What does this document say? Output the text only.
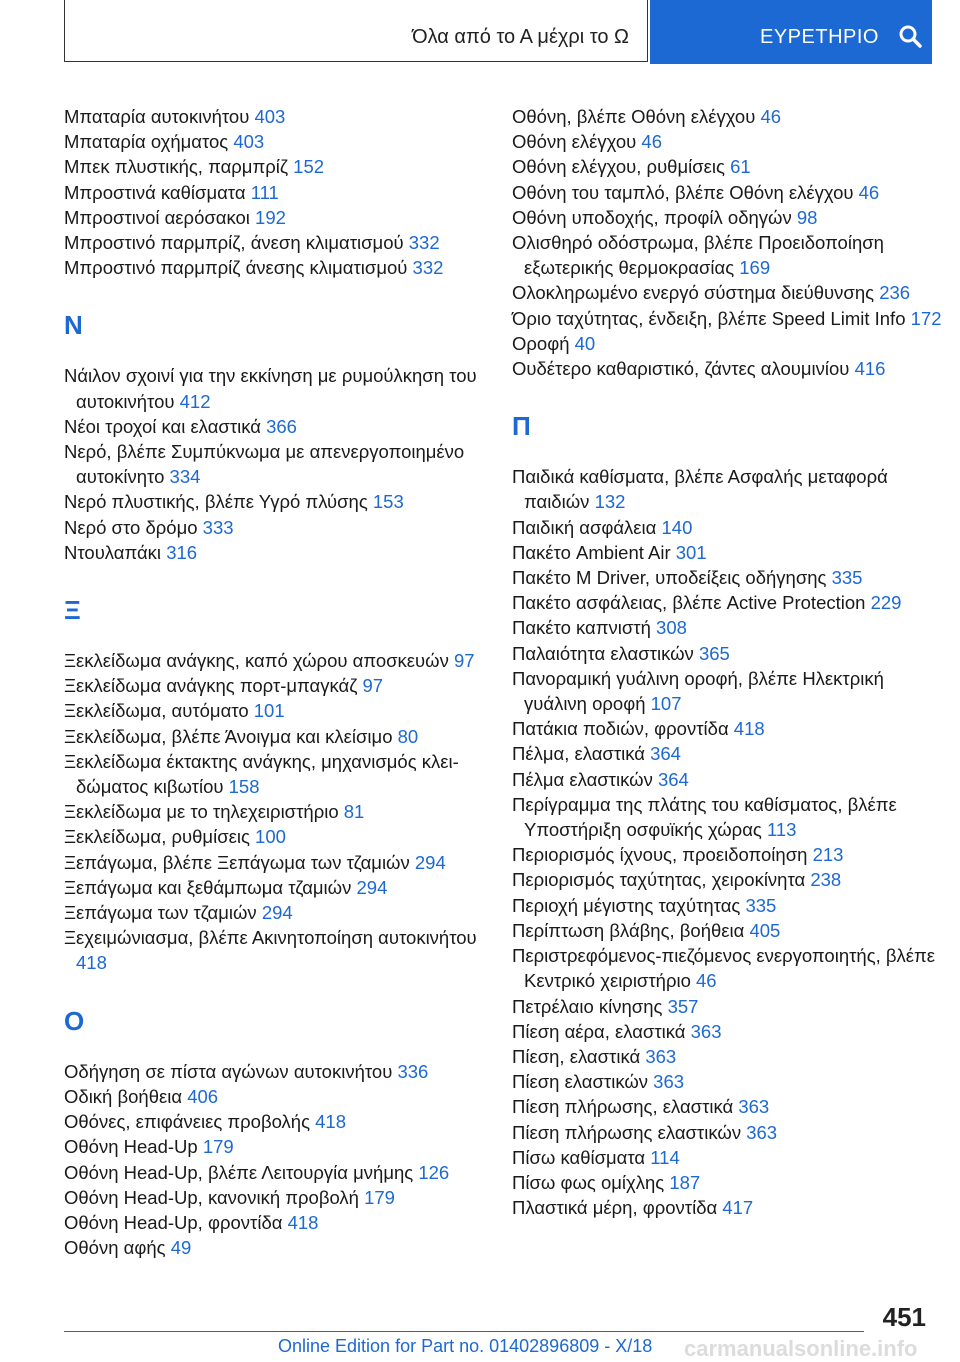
Όλα από το Α μέχρι το Ω	ΕΥΡΕΤΗΡΙΟ
Μπαταρία αυτοκινήτου 403
Μπαταρία οχήματος 403
Μπεκ πλυστικής, παρμπρίζ 152
Μπροστινά καθίσματα 111
Μπροστινοί αερόσακοι 192
Μπροστινό παρμπρίζ, άνεση κλιματισμού 332
Μπροστινό παρμπρίζ άνεσης κλιματισμού 332
Ν
Νάιλον σχοινί για την εκκίνηση με ρυμούλκηση του αυτοκινήτου 412
Νέοι τροχοί και ελαστικά 366
Νερό, βλέπε Συμπύκνωμα με απενεργοποιημένο αυτοκίνητο 334
Νερό πλυστικής, βλέπε Υγρό πλύσης 153
Νερό στο δρόμο 333
Ντουλαπάκι 316
Ξ
Ξεκλείδωμα ανάγκης, καπό χώρου αποσκευών 97
Ξεκλείδωμα ανάγκης πορτ-μπαγκάζ 97
Ξεκλείδωμα, αυτόματο 101
Ξεκλείδωμα, βλέπε Άνοιγμα και κλείσιμο 80
Ξεκλείδωμα έκτακτης ανάγκης, μηχανισμός κλειδώματος κιβωτίου 158
Ξεκλείδωμα με το τηλεχειριστήριο 81
Ξεκλείδωμα, ρυθμίσεις 100
Ξεπάγωμα, βλέπε Ξεπάγωμα των τζαμιών 294
Ξεπάγωμα και ξεθάμπωμα τζαμιών 294
Ξεπάγωμα των τζαμιών 294
Ξεχειμώνιασμα, βλέπε Ακινητοποίηση αυτοκινήτου 418
Ο
Οδήγηση σε πίστα αγώνων αυτοκινήτου 336
Οδική βοήθεια 406
Οθόνες, επιφάνειες προβολής 418
Οθόνη Head-Up 179
Οθόνη Head-Up, βλέπε Λειτουργία μνήμης 126
Οθόνη Head-Up, κανονική προβολή 179
Οθόνη Head-Up, φροντίδα 418
Οθόνη αφής 49
Οθόνη, βλέπε Οθόνη ελέγχου 46
Οθόνη ελέγχου 46
Οθόνη ελέγχου, ρυθμίσεις 61
Οθόνη του ταμπλό, βλέπε Οθόνη ελέγχου 46
Οθόνη υποδοχής, προφίλ οδηγών 98
Ολισθηρό οδόστρωμα, βλέπε Προειδοποίηση εξωτερικής θερμοκρασίας 169
Ολοκληρωμένο ενεργό σύστημα διεύθυνσης 236
Όριο ταχύτητας, ένδειξη, βλέπε Speed Limit Info 172
Οροφή 40
Ουδέτερο καθαριστικό, ζάντες αλουμινίου 416
Π
Παιδικά καθίσματα, βλέπε Ασφαλής μεταφορά παιδιών 132
Παιδική ασφάλεια 140
Πακέτο Ambient Air 301
Πακέτο M Driver, υποδείξεις οδήγησης 335
Πακέτο ασφάλειας, βλέπε Active Protection 229
Πακέτο καπνιστή 308
Παλαιότητα ελαστικών 365
Πανοραμική γυάλινη οροφή, βλέπε Ηλεκτρική γυάλινη οροφή 107
Πατάκια ποδιών, φροντίδα 418
Πέλμα, ελαστικά 364
Πέλμα ελαστικών 364
Περίγραμμα της πλάτης του καθίσματος, βλέπε Υποστήριξη οσφυϊκής χώρας 113
Περιορισμός ίχνους, προειδοποίηση 213
Περιορισμός ταχύτητας, χειροκίνητα 238
Περιοχή μέγιστης ταχύτητας 335
Περίπτωση βλάβης, βοήθεια 405
Περιστρεφόμενος-πιεζόμενος ενεργοποιητής, βλέπε Κεντρικό χειριστήριο 46
Πετρέλαιο κίνησης 357
Πίεση αέρα, ελαστικά 363
Πίεση, ελαστικά 363
Πίεση ελαστικών 363
Πίεση πλήρωσης, ελαστικά 363
Πίεση πλήρωσης ελαστικών 363
Πίσω καθίσματα 114
Πίσω φως ομίχλης 187
Πλαστικά μέρη, φροντίδα 417
451
Online Edition for Part no. 01402896809 - X/18 carmanualsonline.info
